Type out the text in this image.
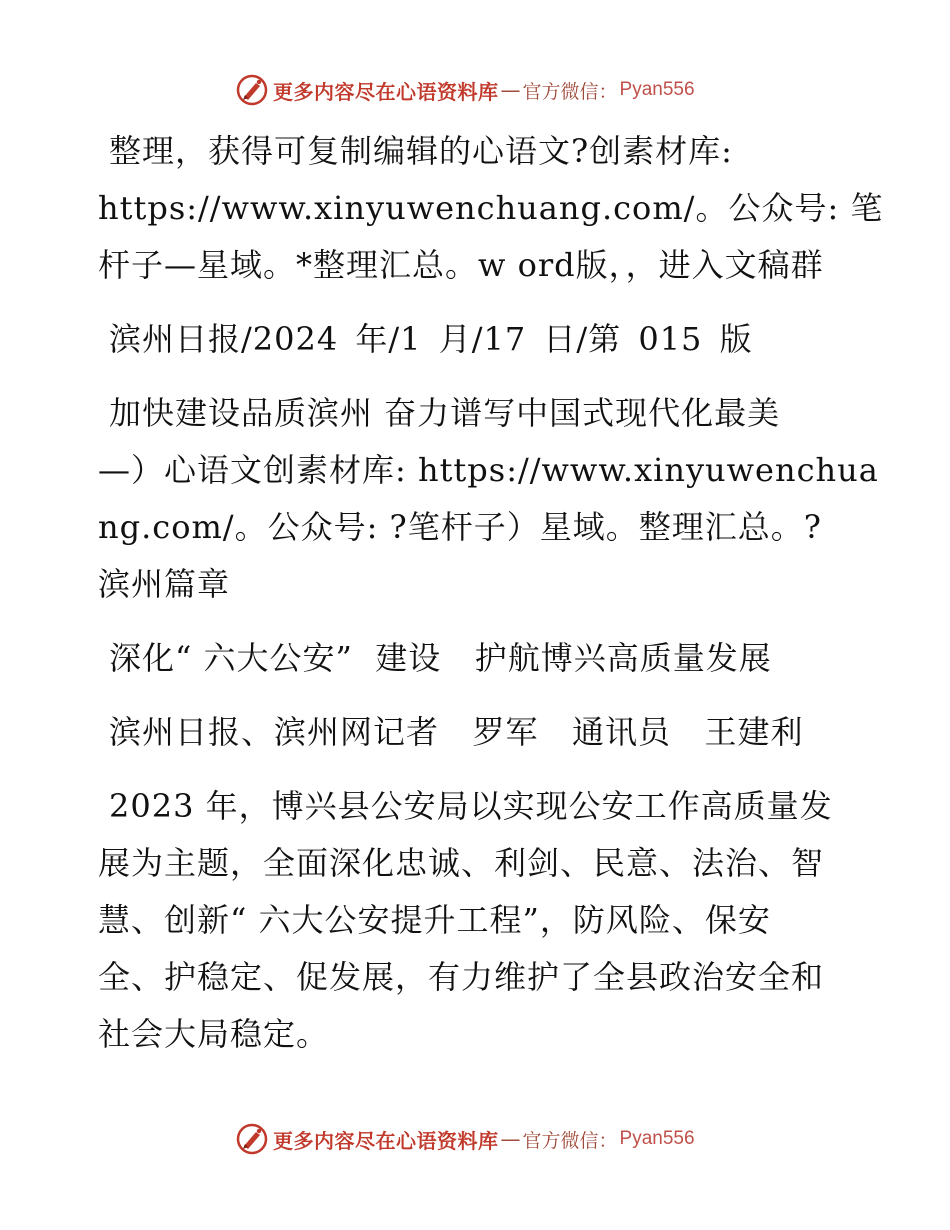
更多内容尽在心语资料库 — 官方微信： Pyan556
整理，获得可复制编辑的心语文?创素材库:
https://www.xinyuwenchuang.com/。公众号: 笔
杆子—星域。*整理汇总。w ord版，，进入文稿群
滨州日报/2024 年/1 月/17 日/第 015 版
加快建设品质滨州 奋力谱写中国式现代化最美
—）心语文创素材库: https://www.xinyuwenchua
ng.com/。公众号: ?笔杆子）星域。整理汇总。?
滨州篇章
深化“ 六大公安”  建设   护航博兴高质量发展
滨州日报、滨州网记者   罗军   通讯员   王建利
2023 年，博兴县公安局以实现公安工作高质量发
展为主题，全面深化忠诚、利剑、民意、法治、智
慧、创新“ 六大公安提升工程”，防风险、保安
全、护稳定、促发展，有力维护了全县政治安全和
社会大局稳定。
更多内容尽在心语资料库 — 官方微信： Pyan556
